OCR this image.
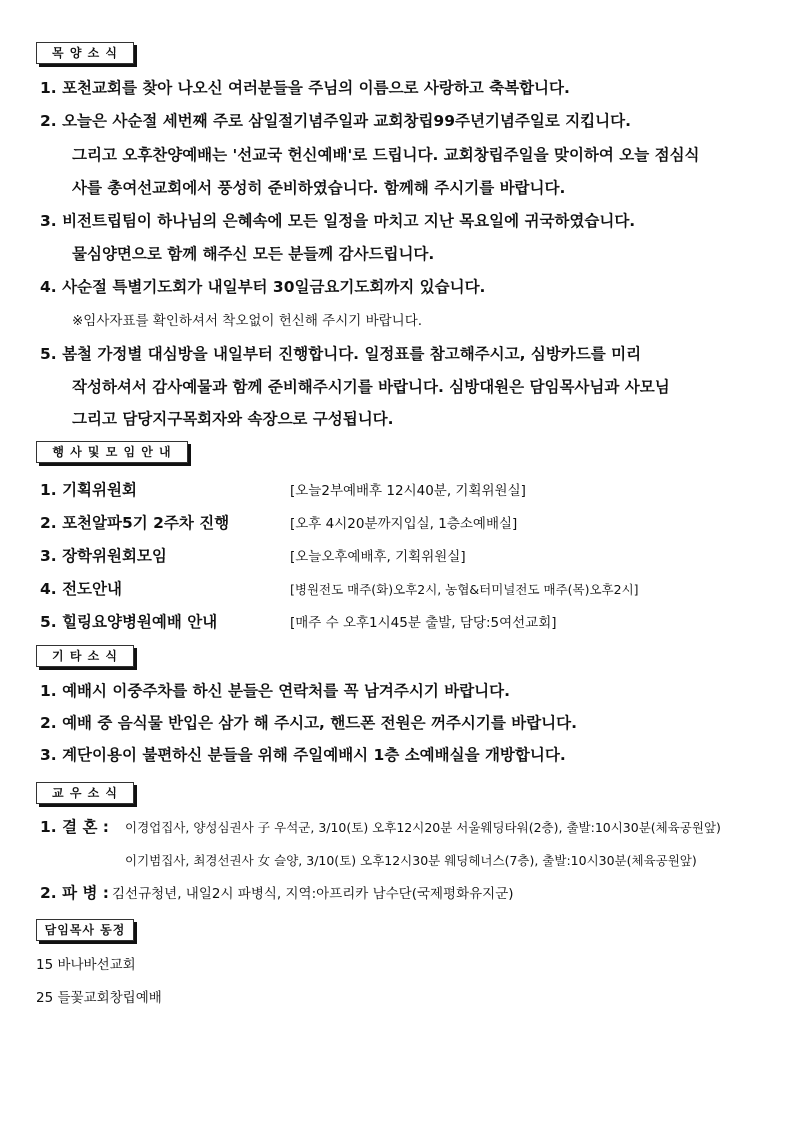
목 양 소 식
1. 포천교회를 찾아 나오신 여러분들을 주님의 이름으로 사랑하고 축복합니다.
2. 오늘은 사순절 세번째 주로 삼일절기념주일과 교회창립99주년기념주일로 지킵니다.
그리고 오후찬양예배는 '선교국 헌신예배'로 드립니다. 교회창립주일을 맞이하여 오늘 점심식
사를 총여선교회에서 풍성히 준비하였습니다. 함께해 주시기를 바랍니다.
3. 비전트립팀이 하나님의 은혜속에 모든 일정을 마치고 지난 목요일에 귀국하였습니다.
물심양면으로 함께 해주신 모든 분들께 감사드립니다.
4. 사순절 특별기도회가 내일부터 30일금요기도회까지 있습니다.
※임사자표를 확인하셔서 착오없이 헌신해 주시기 바랍니다.
5. 봄철 가정별 대심방을 내일부터 진행합니다. 일정표를 참고해주시고, 심방카드를 미리
작성하셔서 감사예물과 함께 준비해주시기를 바랍니다. 심방대원은 담임목사님과 사모님
그리고 담당지구목회자와 속장으로 구성됩니다.
행 사 및 모 임 안 내
1. 기획위원회	[오늘2부예배후 12시40분, 기획위원실]
2. 포천알파5기 2주차 진행	[오후 4시20분까지입실, 1층소예배실]
3. 장학위원회모임	[오늘오후예배후, 기획위원실]
4. 전도안내	[병원전도 매주(화)오후2시, 농협&터미널전도 매주(목)오후2시]
5. 힐링요양병원예배 안내	[매주 수 오후1시45분 출발, 담당:5여선교회]
기 타 소 식
1. 예배시 이중주차를 하신 분들은 연락처를 꼭 남겨주시기 바랍니다.
2. 예배 중 음식물 반입은 삼가 해 주시고, 핸드폰 전원은 꺼주시기를 바랍니다.
3. 계단이용이 불편하신 분들을 위해 주일예배시 1층 소예배실을 개방합니다.
교 우 소 식
1. 결 혼 : 이경업집사, 양성심권사 子 우석군, 3/10(토) 오후12시20분 서울웨딩타워(2층), 출발:10시30분(체육공원앞)
이기범집사, 최경선권사 女 슬양, 3/10(토) 오후12시30분 웨딩헤너스(7층), 출발:10시30분(체육공원앞)
2. 파 병 : 김선규청년, 내일2시 파병식, 지역:아프리카 남수단(국제평화유지군)
담임목사 동정
15 바나바선교회
25 들꽃교회창립예배
